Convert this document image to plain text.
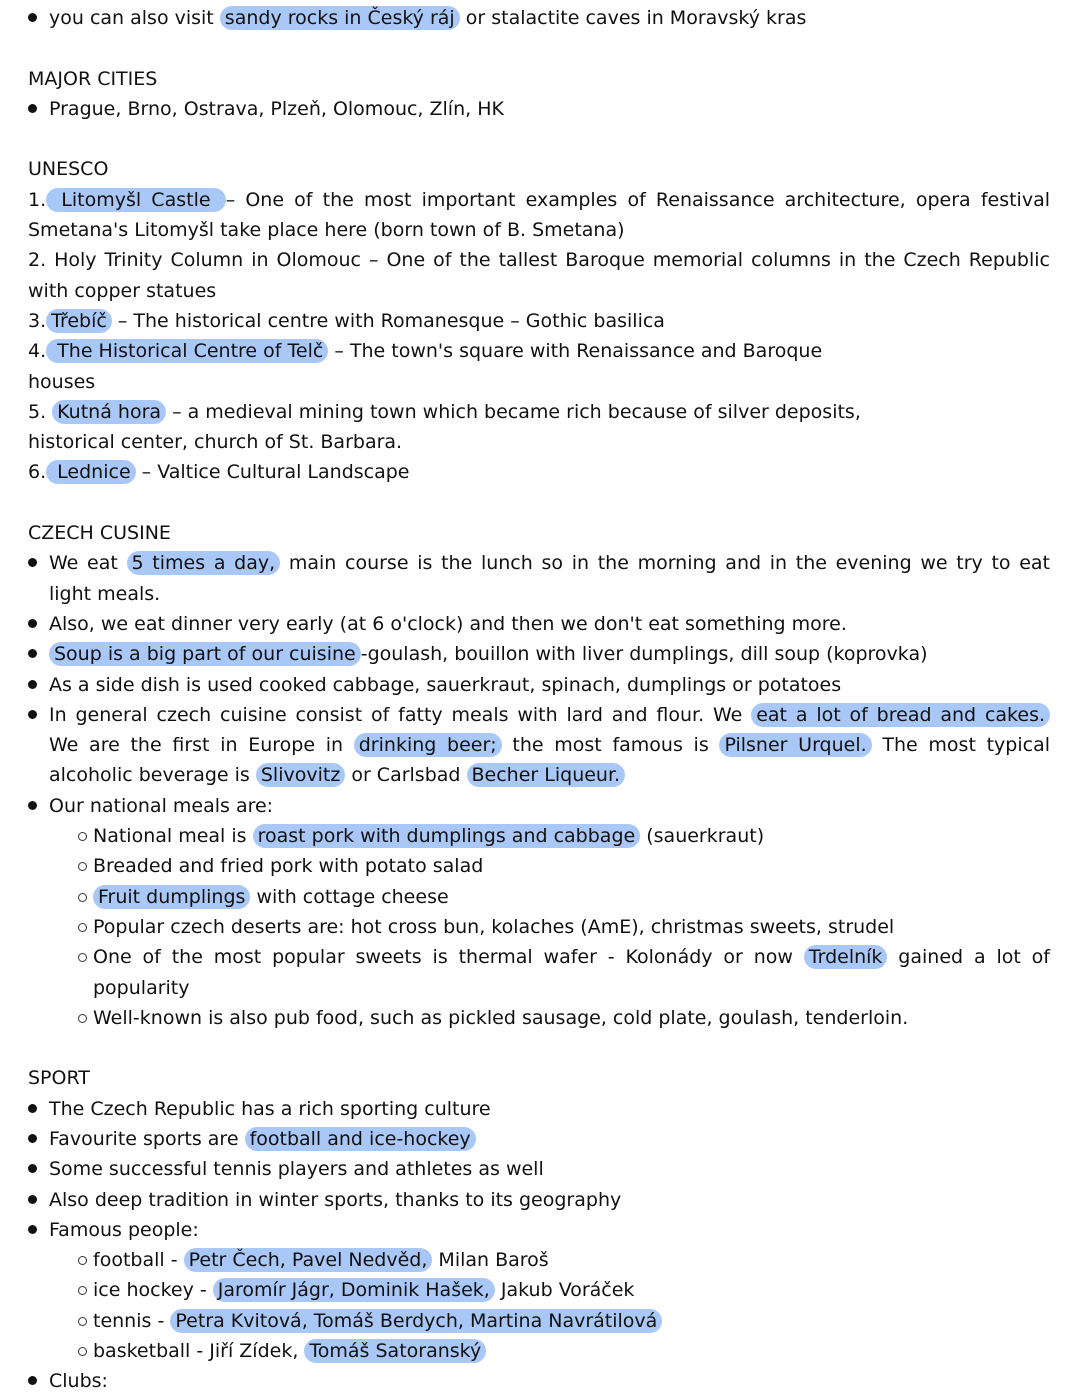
you can also visit sandy rocks in Český ráj or stalactite caves in Moravský kras
MAJOR CITIES
Prague, Brno, Ostrava, Plzeň, Olomouc, Zlín, HK
UNESCO
1. Litomyšl Castle – One of the most important examples of Renaissance architecture, opera festival
Smetana's Litomyšl take place here (born town of B. Smetana)
2. Holy Trinity Column in Olomouc – One of the tallest Baroque memorial columns in the Czech Republic
with copper statues
3. Třebíč – The historical centre with Romanesque – Gothic basilica
4. The Historical Centre of Telč – The town's square with Renaissance and Baroque
houses
5. Kutná hora – a medieval mining town which became rich because of silver deposits,
historical center, church of St. Barbara.
6. Lednice – Valtice Cultural Landscape
CZECH CUSINE
We eat 5 times a day, main course is the lunch so in the morning and in the evening we try to eat
light meals.
Also, we eat dinner very early (at 6 o'clock) and then we don't eat something more.
Soup is a big part of our cuisine -goulash, bouillon with liver dumplings, dill soup (koprovka)
As a side dish is used cooked cabbage, sauerkraut, spinach, dumplings or potatoes
In general czech cuisine consist of fatty meals with lard and flour. We eat a lot of bread and cakes.
We are the first in Europe in drinking beer; the most famous is Pilsner Urquel. The most typical
alcoholic beverage is Slivovitz or Carlsbad Becher Liqueur.
Our national meals are:
National meal is roast pork with dumplings and cabbage (sauerkraut)
Breaded and fried pork with potato salad
Fruit dumplings with cottage cheese
Popular czech deserts are: hot cross bun, kolaches (AmE), christmas sweets, strudel
One of the most popular sweets is thermal wafer - Kolonády or now Trdelník gained a lot of
popularity
Well-known is also pub food, such as pickled sausage, cold plate, goulash, tenderloin.
SPORT
The Czech Republic has a rich sporting culture
Favourite sports are football and ice-hockey
Some successful tennis players and athletes as well
Also deep tradition in winter sports, thanks to its geography
Famous people:
football - Petr Čech, Pavel Nedvěd, Milan Baroš
ice hockey - Jaromír Jágr, Dominik Hašek, Jakub Voráček
tennis - Petra Kvitová, Tomáš Berdych, Martina Navrátilová
basketball - Jiří Zídek, Tomáš Satoranský
Clubs:
